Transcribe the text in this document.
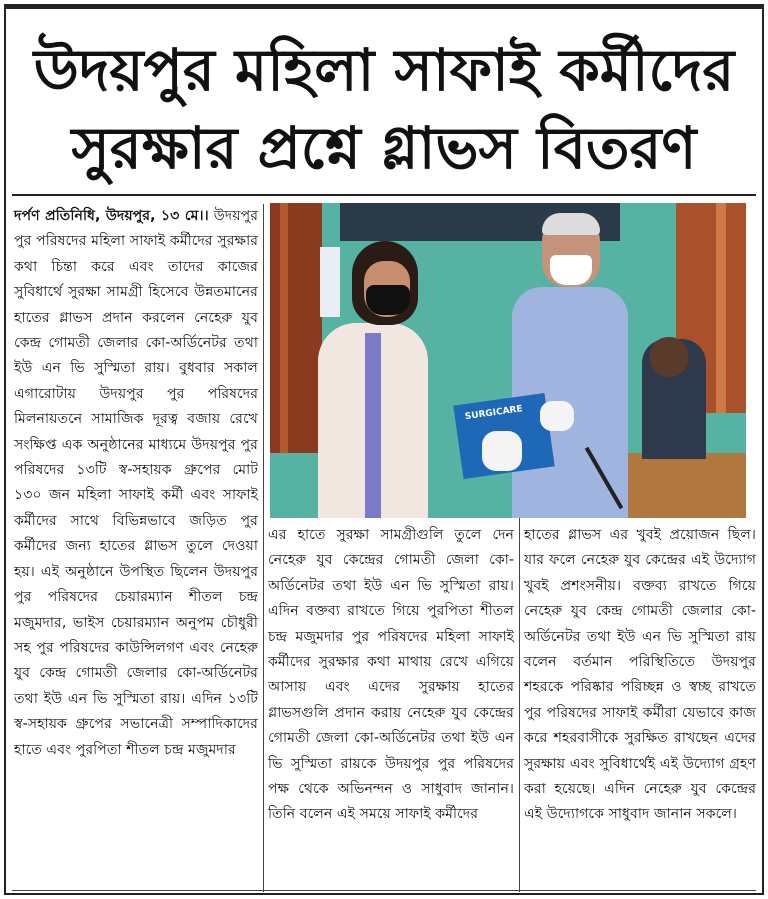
উদয়পুর মহিলা সাফাই কর্মীদের
সুরক্ষার প্রশ্নে গ্লাভস বিতরণ
দর্পণ প্রতিনিধি, উদয়পুর, ১৩ মে।। উদয়পুর পুর পরিষদের মহিলা সাফাই কর্মীদের সুরক্ষার কথা চিন্তা করে এবং তাদের কাজের সুবিধার্থে সুরক্ষা সামগ্রী হিসেবে উন্নতমানের হাতের গ্লাভস প্রদান করলেন নেহেরু যুব কেন্দ্র গোমতী জেলার কো-অর্ডিনেটর তথা ইউ এন ভি সুস্মিতা রায়। বুধবার সকাল এগারোটায় উদয়পুর পুর পরিষদের মিলনায়তনে সামাজিক দূরত্ব বজায় রেখে সংক্ষিপ্ত এক অনুষ্ঠানের মাধ্যমে উদয়পুর পুর পরিষদের ১৩টি স্ব-সহায়ক গ্রুপের মোট ১৩০ জন মহিলা সাফাই কর্মী এবং সাফাই কর্মীদের সাথে বিভিন্নভাবে জড়িত পুর কর্মীদের জন্য হাতের গ্লাভস তুলে দেওয়া হয়। এই অনুষ্ঠানে উপস্থিত ছিলেন উদয়পুর পুর পরিষদের চেয়ারম্যান শীতল চন্দ্র মজুমদার, ভাইস চেয়ারম্যান অনুপম চৌধুরী সহ পুর পরিষদের কাউন্সিলগণ এবং নেহেরু যুব কেন্দ্র গোমতী জেলার কো-অর্ডিনেটর তথা ইউ এন ভি সুস্মিতা রায়। এদিন ১৩টি স্ব-সহায়ক গ্রুপের সভানেত্রী সম্পাদিকাদের হাতে এবং পুরপিতা শীতল চন্দ্র মজুমদার
SURGICARE
এর হাতে সুরক্ষা সামগ্রীগুলি তুলে দেন নেহেরু যুব কেন্দ্রের গোমতী জেলা কো-অর্ডিনেটর তথা ইউ এন ভি সুস্মিতা রায়। এদিন বক্তব্য রাখতে গিয়ে পুরপিতা শীতল চন্দ্র মজুমদার পুর পরিষদের মহিলা সাফাই কর্মীদের সুরক্ষার কথা মাথায় রেখে এগিয়ে আসায় এবং এদের সুরক্ষায় হাতের গ্লাভসগুলি প্রদান করায় নেহেরু যুব কেন্দ্রের গোমতী জেলা কো-অর্ডিনেটর তথা ইউ এন ভি সুস্মিতা রায়কে উদয়পুর পুর পরিষদের পক্ষ থেকে অভিনন্দন ও সাধুবাদ জানান। তিনি বলেন এই সময়ে সাফাই কর্মীদের
হাতের গ্লাভস এর খুবই প্রয়োজন ছিল। যার ফলে নেহেরু যুব কেন্দ্রের এই উদ্যোগ খুবই প্রশংসনীয়। বক্তব্য রাখতে গিয়ে নেহেরু যুব কেন্দ্র গোমতী জেলার কো-অর্ডিনেটর তথা ইউ এন ভি সুস্মিতা রায় বলেন বর্তমান পরিস্থিতিতে উদয়পুর শহরকে পরিষ্কার পরিচ্ছন্ন ও স্বচ্ছ রাখতে পুর পরিষদের সাফাই কর্মীরা যেভাবে কাজ করে শহরবাসীকে সুরক্ষিত রাখছেন এদের সুরক্ষায় এবং সুবিধার্থেই এই উদ্যোগ গ্রহণ করা হয়েছে। এদিন নেহেরু যুব কেন্দ্রের এই উদ্যোগকে সাধুবাদ জানান সকলে।
